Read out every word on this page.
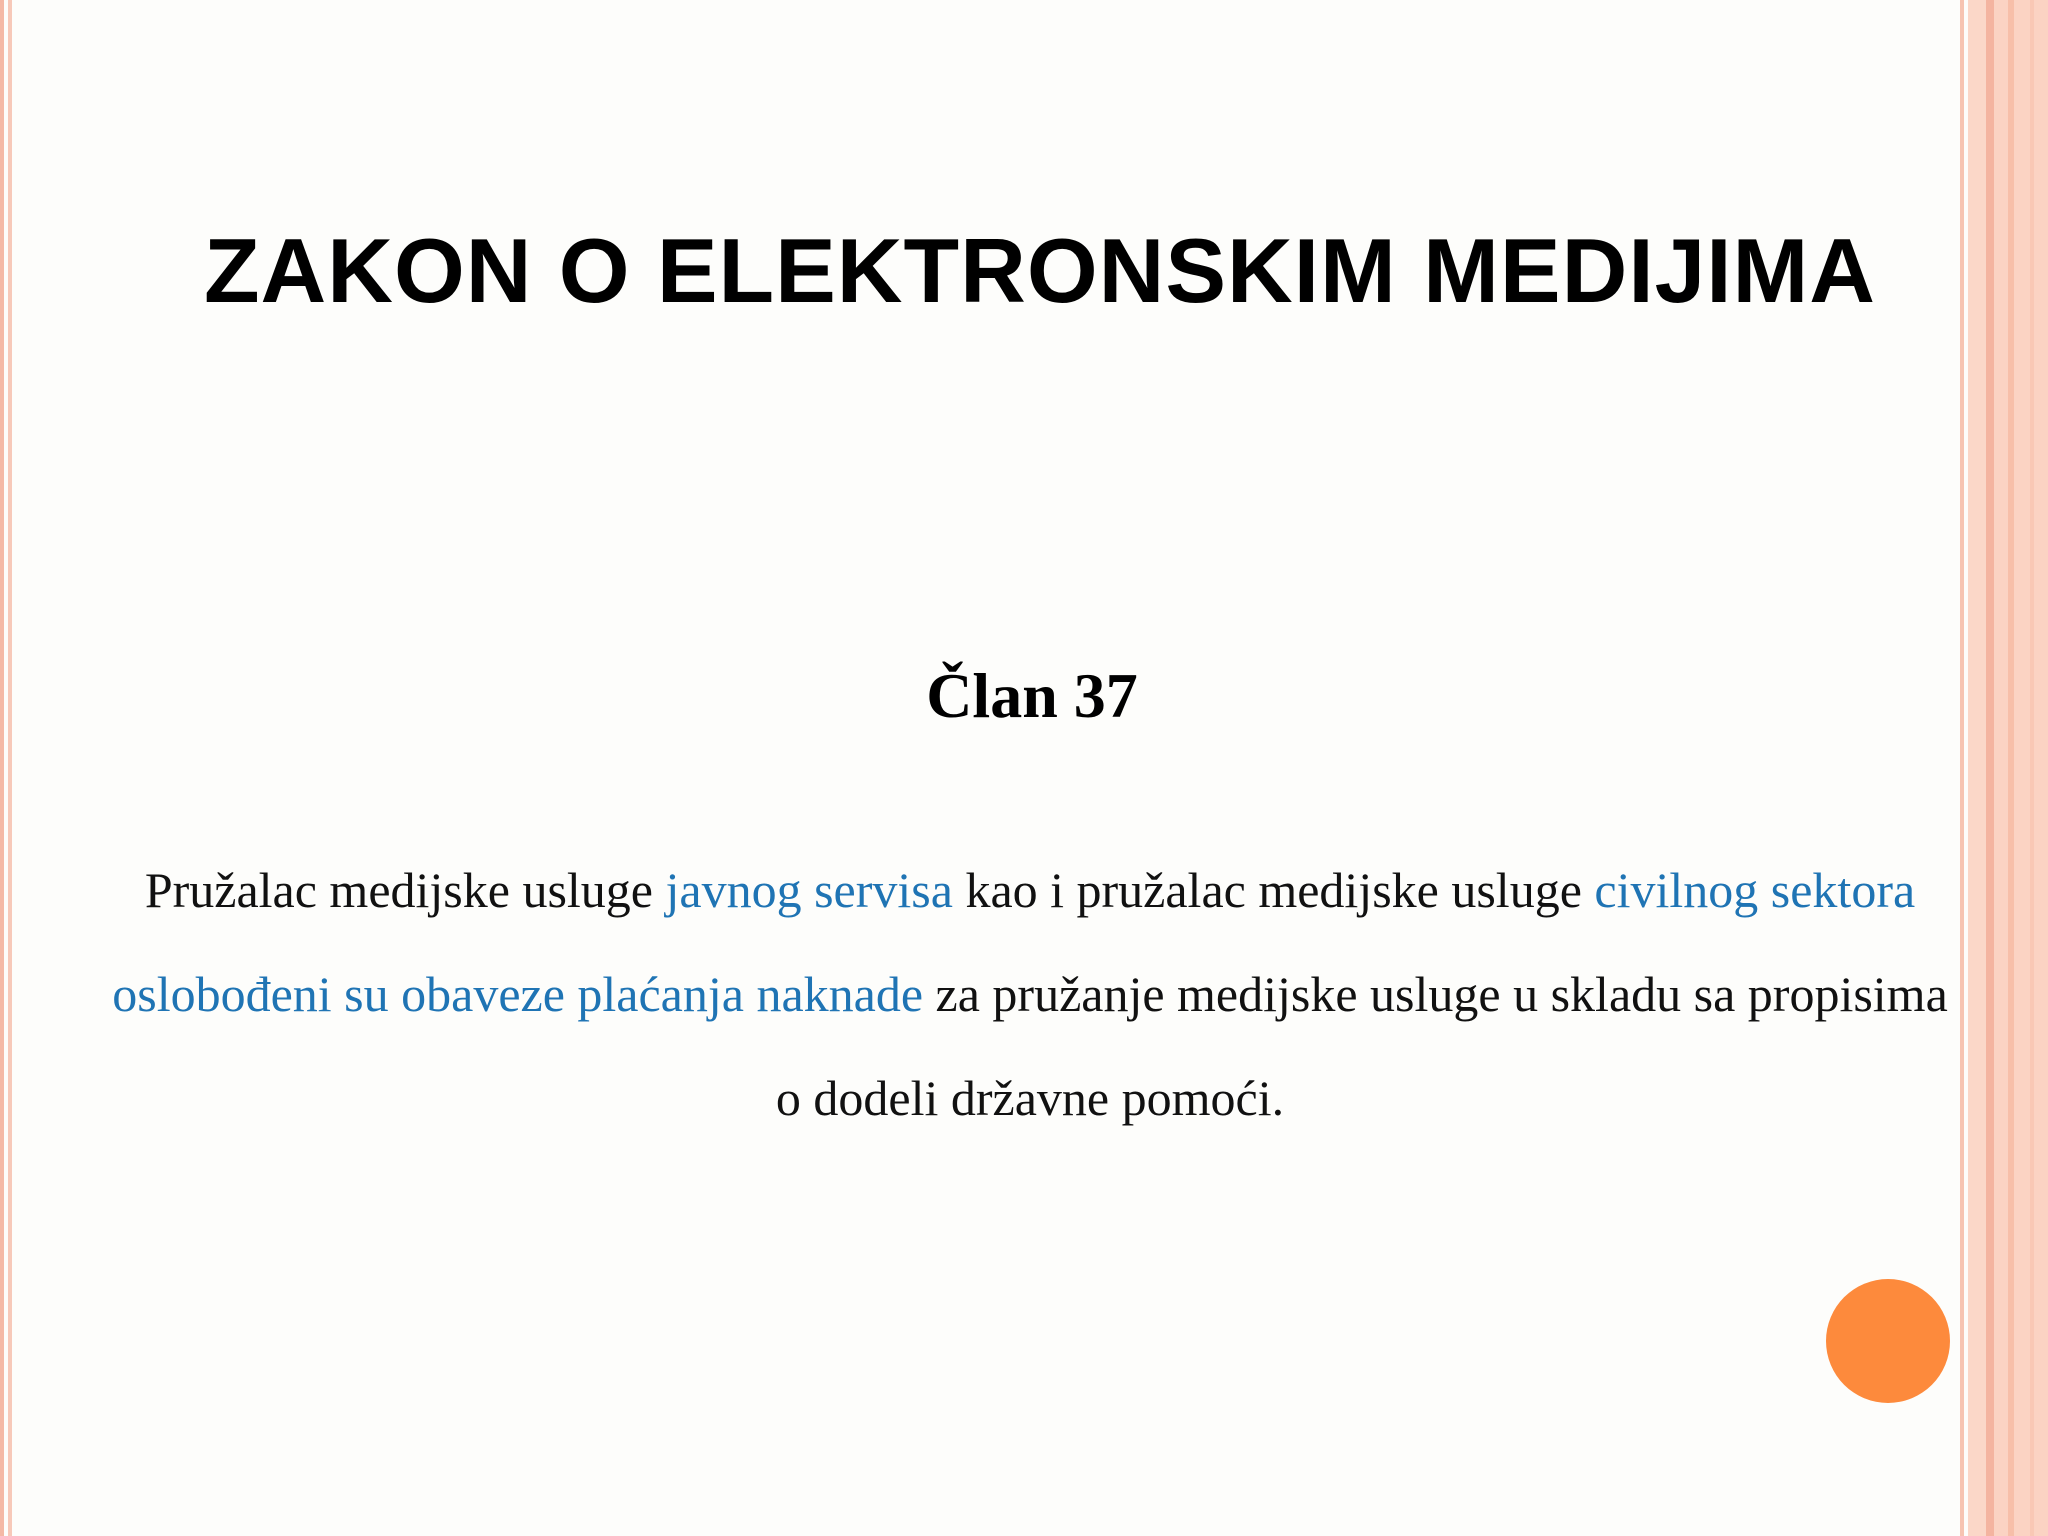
ZAKON O ELEKTRONSKIM MEDIJIMA
Član 37
Pružalac medijske usluge javnog servisa kao i pružalac medijske usluge civilnog sektora oslobođeni su obaveze plaćanja naknade za pružanje medijske usluge u skladu sa propisima o dodeli državne pomoći.
